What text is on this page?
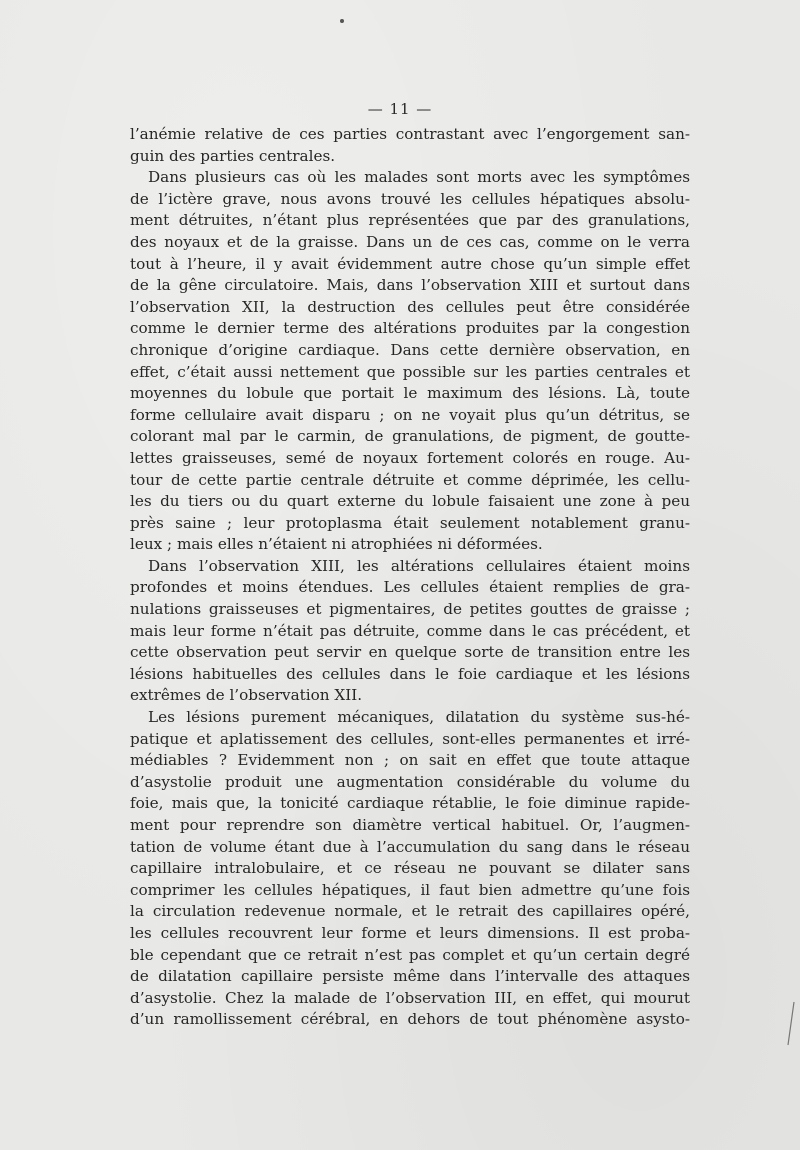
— 11 —
l’anémie relative de ces parties contrastant avec l’engorgement san-
guin des parties centrales.
Dans plusieurs cas où les malades sont morts avec les symptômes
de l’ictère grave, nous avons trouvé les cellules hépatiques absolu-
ment détruites, n’étant plus représentées que par des granulations,
des noyaux et de la graisse. Dans un de ces cas, comme on le verra
tout à l’heure, il y avait évidemment autre chose qu’un simple effet
de la gêne circulatoire. Mais, dans l’observation XIII et surtout dans
l’observation XII, la destruction des cellules peut être considérée
comme le dernier terme des altérations produites par la congestion
chronique d’origine cardiaque. Dans cette dernière observation, en
effet, c’était aussi nettement que possible sur les parties centrales et
moyennes du lobule que portait le maximum des lésions. Là, toute
forme cellulaire avait disparu ; on ne voyait plus qu’un détritus, se
colorant mal par le carmin, de granulations, de pigment, de goutte-
lettes graisseuses, semé de noyaux fortement colorés en rouge. Au-
tour de cette partie centrale détruite et comme déprimée, les cellu-
les du tiers ou du quart externe du lobule faisaient une zone à peu
près saine ; leur protoplasma était seulement notablement granu-
leux ; mais elles n’étaient ni atrophiées ni déformées.
Dans l’observation XIII, les altérations cellulaires étaient moins
profondes et moins étendues. Les cellules étaient remplies de gra-
nulations graisseuses et pigmentaires, de petites gouttes de graisse ;
mais leur forme n’était pas détruite, comme dans le cas précédent, et
cette observation peut servir en quelque sorte de transition entre les
lésions habituelles des cellules dans le foie cardiaque et les lésions
extrêmes de l’observation XII.
Les lésions purement mécaniques, dilatation du système sus-hé-
patique et aplatissement des cellules, sont-elles permanentes et irré-
médiables ? Evidemment non ; on sait en effet que toute attaque
d’asystolie produit une augmentation considérable du volume du
foie, mais que, la tonicité cardiaque rétablie, le foie diminue rapide-
ment pour reprendre son diamètre vertical habituel. Or, l’augmen-
tation de volume étant due à l’accumulation du sang dans le réseau
capillaire intralobulaire, et ce réseau ne pouvant se dilater sans
comprimer les cellules hépatiques, il faut bien admettre qu’une fois
la circulation redevenue normale, et le retrait des capillaires opéré,
les cellules recouvrent leur forme et leurs dimensions. Il est proba-
ble cependant que ce retrait n’est pas complet et qu’un certain degré
de dilatation capillaire persiste même dans l’intervalle des attaques
d’asystolie. Chez la malade de l’observation III, en effet, qui mourut
d’un ramollissement cérébral, en dehors de tout phénomène asysto-
